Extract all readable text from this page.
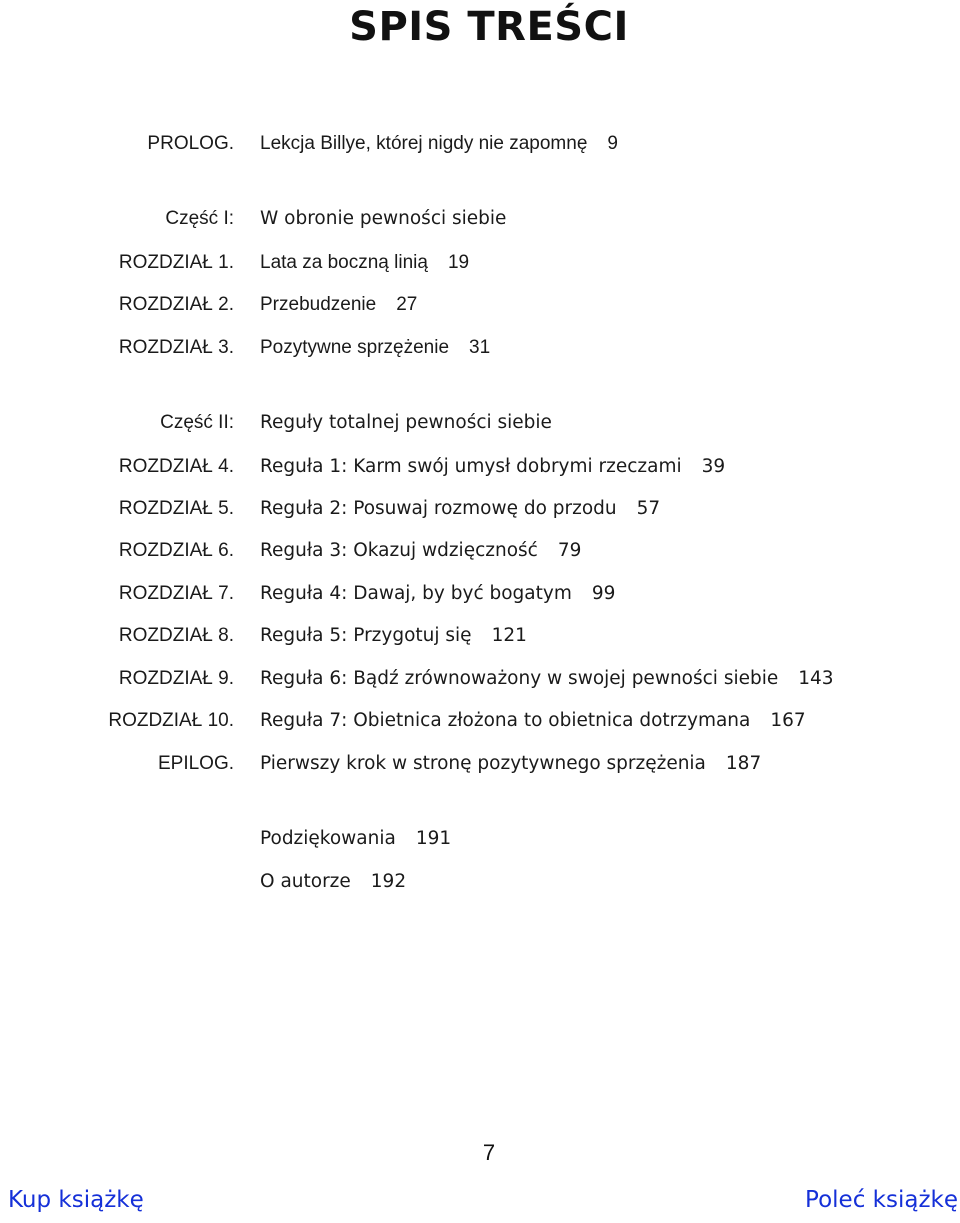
SPIS TREŚCI
PROLOG. Lekcja Billye, której nigdy nie zapomnę 9
Część I: W obronie pewności siebie
ROZDZIAŁ 1. Lata za boczną linią 19
ROZDZIAŁ 2. Przebudzenie 27
ROZDZIAŁ 3. Pozytywne sprzężenie 31
Część II: Reguły totalnej pewności siebie
ROZDZIAŁ 4. Reguła 1: Karm swój umysł dobrymi rzeczami 39
ROZDZIAŁ 5. Reguła 2: Posuwaj rozmowę do przodu 57
ROZDZIAŁ 6. Reguła 3: Okazuj wdzięczność 79
ROZDZIAŁ 7. Reguła 4: Dawaj, by być bogatym 99
ROZDZIAŁ 8. Reguła 5: Przygotuj się 121
ROZDZIAŁ 9. Reguła 6: Bądź zrównoważony w swojej pewności siebie 143
ROZDZIAŁ 10. Reguła 7: Obietnica złożona to obietnica dotrzymana 167
EPILOG. Pierwszy krok w stronę pozytywnego sprzężenia 187
Podziękowania 191
O autorze 192
7
Kup książkę	Poleć książkę
